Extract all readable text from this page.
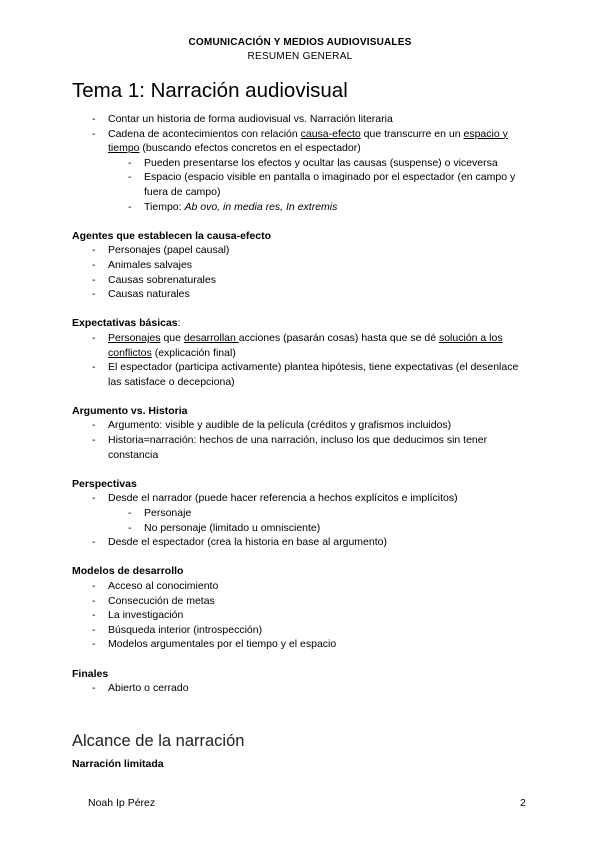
COMUNICACIÓN Y MEDIOS AUDIOVISUALES
RESUMEN GENERAL
Tema 1: Narración audiovisual
- Contar un historia de forma audiovisual vs. Narración literaria
- Cadena de acontecimientos con relación causa-efecto que transcurre en un espacio y tiempo (buscando efectos concretos en el espectador)
- Pueden presentarse los efectos y ocultar las causas (suspense) o viceversa
- Espacio (espacio visible en pantalla o imaginado por el espectador (en campo y fuera de campo)
- Tiempo: Ab ovo, in media res, In extremis
Agentes que establecen la causa-efecto
- Personajes (papel causal)
- Animales salvajes
- Causas sobrenaturales
- Causas naturales
Expectativas básicas:
- Personajes que desarrollan acciones (pasarán cosas) hasta que se dé solución a los conflictos (explicación final)
- El espectador (participa activamente) plantea hipótesis, tiene expectativas (el desenlace las satisface o decepciona)
Argumento vs. Historia
- Argumento: visible y audible de la película (créditos y grafismos incluidos)
- Historia=narración: hechos de una narración, incluso los que deducimos sin tener constancia
Perspectivas
- Desde el narrador (puede hacer referencia a hechos explícitos e implícitos)
- Personaje
- No personaje (limitado u omnisciente)
- Desde el espectador (crea la historia en base al argumento)
Modelos de desarrollo
- Acceso al conocimiento
- Consecución de metas
- La investigación
- Búsqueda interior (introspección)
- Modelos argumentales por el tiempo y el espacio
Finales
- Abierto o cerrado
Alcance de la narración
Narración limitada
Noah Ip Pérez	2
